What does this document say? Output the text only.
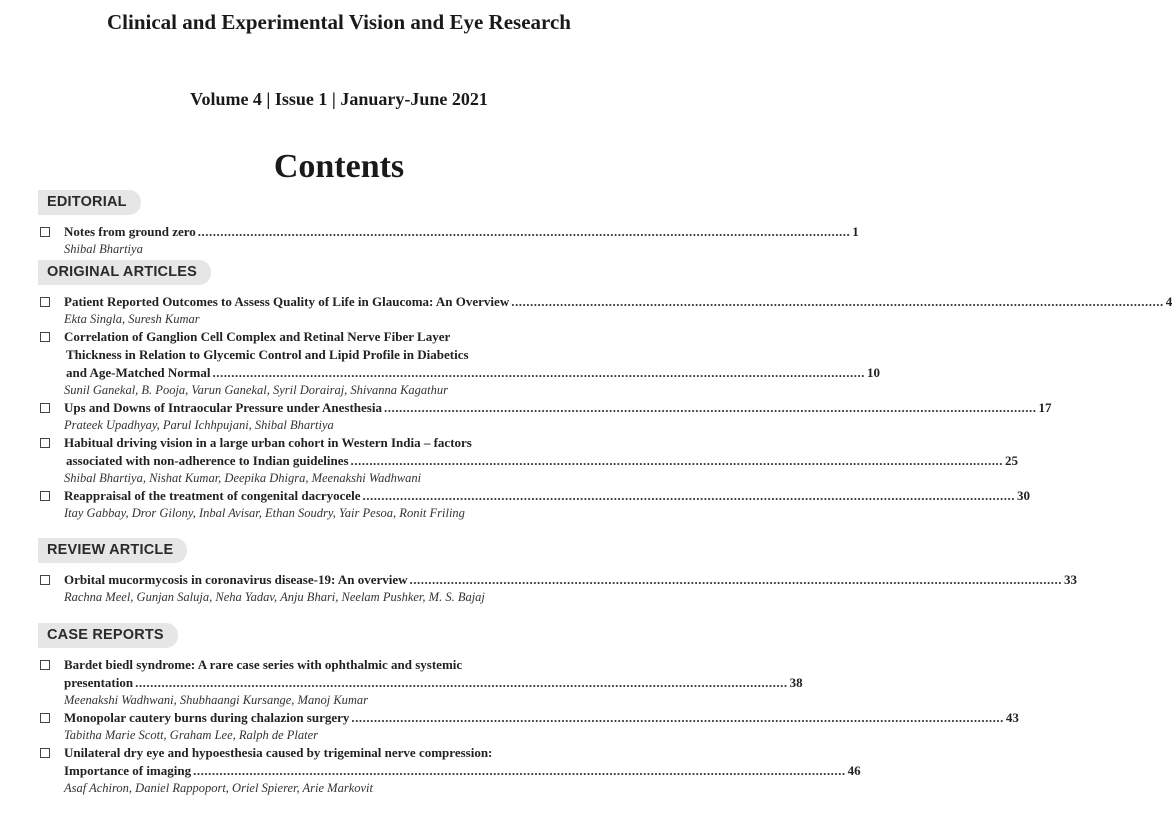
Clinical and Experimental Vision and Eye Research
Volume 4 | Issue 1 | January-June 2021
Contents
EDITORIAL
Notes from ground zero .............................................................................................................................................................................. 1
Shibal Bhartiya
ORIGINAL ARTICLES
Patient Reported Outcomes to Assess Quality of Life in Glaucoma: An Overview .............................................................................................................................................................................. 4
Ekta Singla, Suresh Kumar
Correlation of Ganglion Cell Complex and Retinal Nerve Fiber Layer
Thickness in Relation to Glycemic Control and Lipid Profile in Diabetics
and Age-Matched Normal .............................................................................................................................................................................. 10
Sunil Ganekal, B. Pooja, Varun Ganekal, Syril Dorairaj, Shivanna Kagathur
Ups and Downs of Intraocular Pressure under Anesthesia .............................................................................................................................................................................. 17
Prateek Upadhyay, Parul Ichhpujani, Shibal Bhartiya
Habitual driving vision in a large urban cohort in Western India – factors
associated with non-adherence to Indian guidelines .............................................................................................................................................................................. 25
Shibal Bhartiya, Nishat Kumar, Deepika Dhigra, Meenakshi Wadhwani
Reappraisal of the treatment of congenital dacryocele .............................................................................................................................................................................. 30
Itay Gabbay, Dror Gilony, Inbal Avisar, Ethan Soudry, Yair Pesoa, Ronit Friling
REVIEW ARTICLE
Orbital mucormycosis in coronavirus disease-19: An overview .............................................................................................................................................................................. 33
Rachna Meel, Gunjan Saluja, Neha Yadav, Anju Bhari, Neelam Pushker, M. S. Bajaj
CASE REPORTS
Bardet biedl syndrome: A rare case series with ophthalmic and systemic
presentation .............................................................................................................................................................................. 38
Meenakshi Wadhwani, Shubhaangi Kursange, Manoj Kumar
Monopolar cautery burns during chalazion surgery .............................................................................................................................................................................. 43
Tabitha Marie Scott, Graham Lee, Ralph de Plater
Unilateral dry eye and hypoesthesia caused by trigeminal nerve compression:
Importance of imaging .............................................................................................................................................................................. 46
Asaf Achiron, Daniel Rappoport, Oriel Spierer, Arie Markovit
